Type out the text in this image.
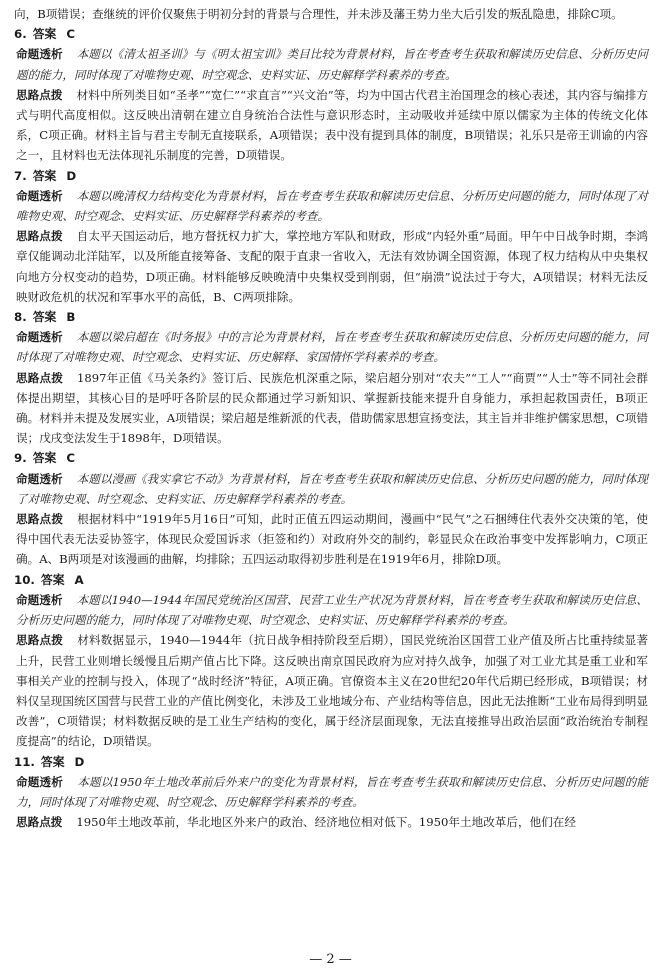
向，B项错误；查继统的评价仅聚焦于明初分封的背景与合理性，并未涉及藩王势力坐大后引发的叛乱隐患，排除C项。

6. 答案 C

命题透析 本题以《清太祖圣训》与《明太祖宝训》类目比较为背景材料，旨在考查考生获取和解读历史信息、分析历史问题的能力，同时体现了对唯物史观、时空观念、史料实证、历史解释学科素养的考查。

思路点拨 材料中所列类目如“圣孝”“宽仁”“求直言”“兴文治”等，均为中国古代君主治国理念的核心表述，其内容与编排方式与明代高度相似。这反映出清朝在建立自身统治合法性与意识形态时，主动吸收并延续中原以儒家为主体的传统文化体系，C项正确。材料主旨与君主专制无直接联系，A项错误；表中没有提到具体的制度，B项错误；礼乐只是帝王训谕的内容之一，且材料也无法体现礼乐制度的完善，D项错误。

7. 答案 D

命题透析 本题以晚清权力结构变化为背景材料，旨在考查考生获取和解读历史信息、分析历史问题的能力，同时体现了对唯物史观、时空观念、史料实证、历史解释学科素养的考查。

思路点拨 自太平天国运动后，地方督抚权力扩大，掌控地方军队和财政，形成“内轻外重”局面。甲午中日战争时期，李鸿章仅能调动北洋陆军，以及所能直接筹备、支配的限于直隶一省收入，无法有效协调全国资源，体现了权力结构从中央集权向地方分权变动的趋势，D项正确。材料能够反映晚清中央集权受到削弱，但“崩溃”说法过于夸大，A项错误；材料无法反映财政危机的状况和军事水平的高低，B、C两项排除。

8. 答案 B

命题透析 本题以梁启超在《时务报》中的言论为背景材料，旨在考查考生获取和解读历史信息、分析历史问题的能力，同时体现了对唯物史观、时空观念、史料实证、历史解释、家国情怀学科素养的考查。

思路点拨 1897年正值《马关条约》签订后、民族危机深重之际，梁启超分别对“农夫”“工人”“商贾”“人士”等不同社会群体提出期望，其核心目的是呼吁各阶层的民众都通过学习新知识、掌握新技能来提升自身能力，承担起救国责任，B项正确。材料并未提及发展实业，A项错误；梁启超是维新派的代表，借助儒家思想宣扬变法，其主旨并非维护儒家思想，C项错误；戊戌变法发生于1898年，D项错误。

9. 答案 C

命题透析 本题以漫画《我实拿它不动》为背景材料，旨在考查考生获取和解读历史信息、分析历史问题的能力，同时体现了对唯物史观、时空观念、史料实证、历史解释学科素养的考查。

思路点拨 根据材料中“1919年5月16日”可知，此时正值五四运动期间，漫画中“民气”之石捆缚住代表外交决策的笔，使得中国代表无法妥协签字，体现民众爱国诉求（拒签和约）对政府外交的制约，彰显民众在政治事变中发挥影响力，C项正确。A、B两项是对该漫画的曲解，均排除；五四运动取得初步胜利是在1919年6月，排除D项。

10. 答案 A

命题透析 本题以1940—1944年国民党统治区国营、民营工业生产状况为背景材料，旨在考查考生获取和解读历史信息、分析历史问题的能力，同时体现了对唯物史观、时空观念、史料实证、历史解释学科素养的考查。

思路点拨 材料数据显示，1940—1944年（抗日战争相持阶段至后期），国民党统治区国营工业产值及所占比重持续显著上升，民营工业则增长缓慢且后期产值占比下降。这反映出南京国民政府为应对持久战争，加强了对工业尤其是重工业和军事相关产业的控制与投入，体现了“战时经济”特征，A项正确。官僚资本主义在20世纪20年代后期已经形成，B项错误；材料仅呈现国统区国营与民营工业的产值比例变化，未涉及工业地域分布、产业结构等信息，因此无法推断“工业布局得到明显改善”，C项错误；材料数据反映的是工业生产结构的变化，属于经济层面现象，无法直接推导出政治层面“政治统治专制程度提高”的结论，D项错误。

11. 答案 D

命题透析 本题以1950年土地改革前后外来户的变化为背景材料，旨在考查考生获取和解读历史信息、分析历史问题的能力，同时体现了对唯物史观、时空观念、历史解释学科素养的考查。

思路点拨 1950年土地改革前，华北地区外来户的政治、经济地位相对低下。1950年土地改革后，他们在经

— 2 —
